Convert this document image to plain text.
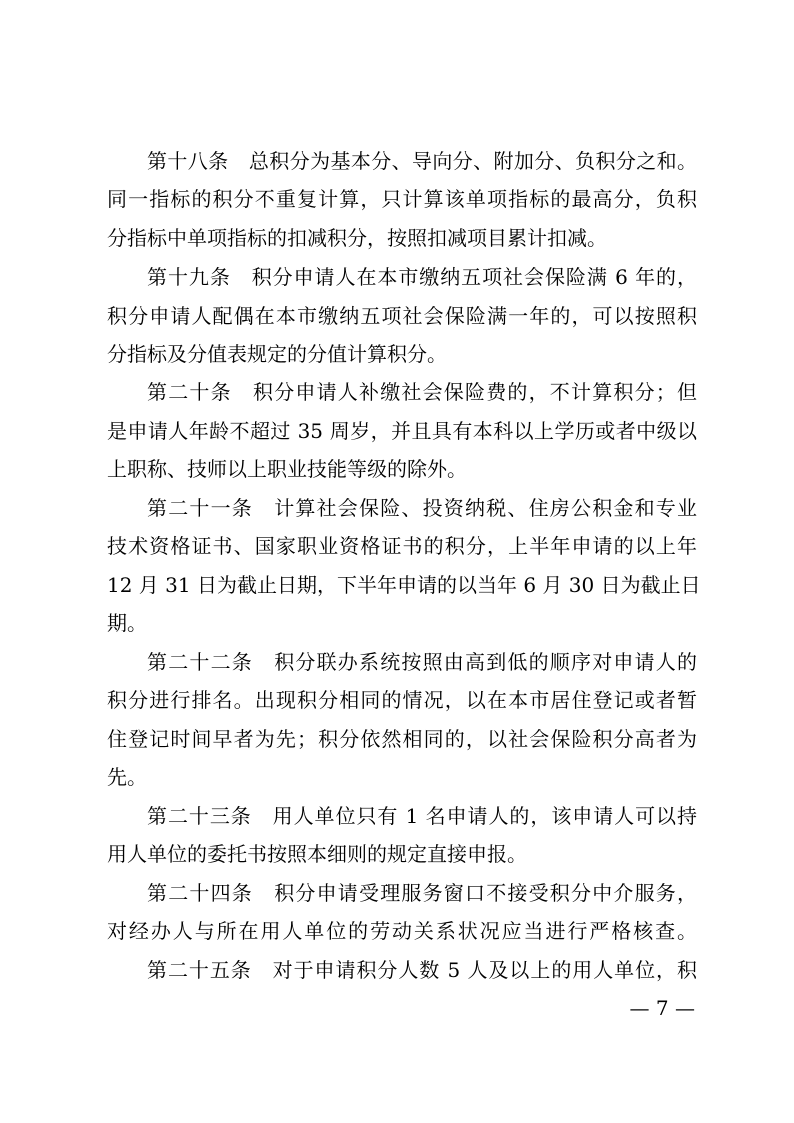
第十八条　总积分为基本分、导向分、附加分、负积分之和。
同一指标的积分不重复计算，只计算该单项指标的最高分，负积
分指标中单项指标的扣减积分，按照扣减项目累计扣减。
第十九条　积分申请人在本市缴纳五项社会保险满 6 年的，
积分申请人配偶在本市缴纳五项社会保险满一年的，可以按照积
分指标及分值表规定的分值计算积分。
第二十条　积分申请人补缴社会保险费的，不计算积分；但
是申请人年龄不超过 35 周岁，并且具有本科以上学历或者中级以
上职称、技师以上职业技能等级的除外。
第二十一条　计算社会保险、投资纳税、住房公积金和专业
技术资格证书、国家职业资格证书的积分，上半年申请的以上年
12 月 31 日为截止日期，下半年申请的以当年 6 月 30 日为截止日
期。
第二十二条　积分联办系统按照由高到低的顺序对申请人的
积分进行排名。出现积分相同的情况，以在本市居住登记或者暂
住登记时间早者为先；积分依然相同的，以社会保险积分高者为
先。
第二十三条　用人单位只有 1 名申请人的，该申请人可以持
用人单位的委托书按照本细则的规定直接申报。
第二十四条　积分申请受理服务窗口不接受积分中介服务，
对经办人与所在用人单位的劳动关系状况应当进行严格核查。
第二十五条　对于申请积分人数 5 人及以上的用人单位，积
— 7 —
